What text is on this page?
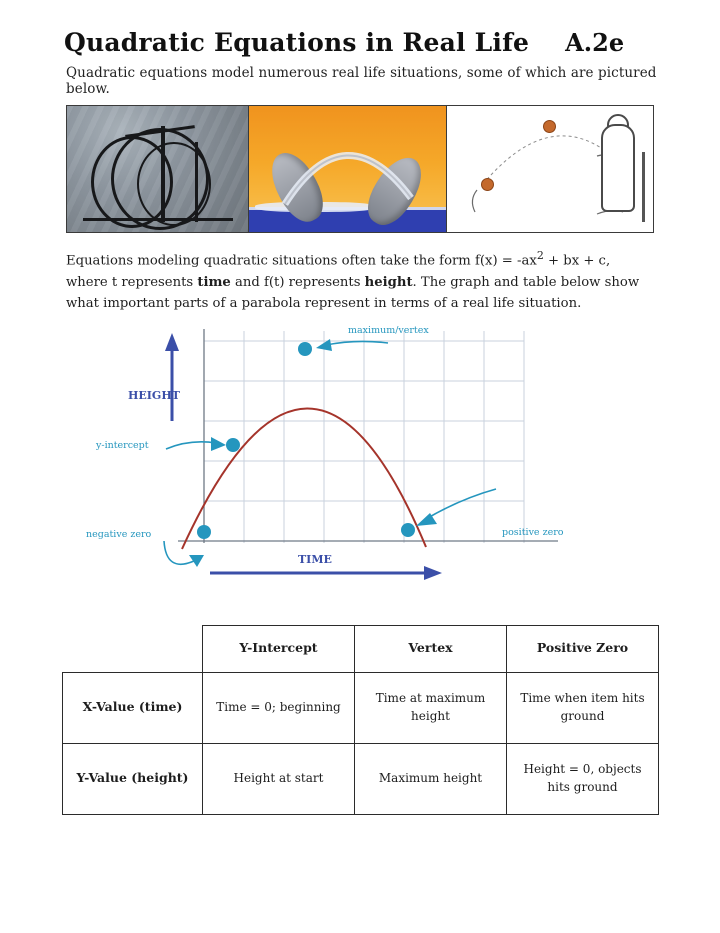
Quadratic Equations in Real Life A.2e
Quadratic equations model numerous real life situations, some of which are pictured below.
Equations modeling quadratic situations often take the form $f(x) = -ax^2$ + bx + c, where t represents time and f(t) represents height. The graph and table below show what important parts of a parabola represent in terms of a real life situation.
maximum/vertex
y-intercept
negative zero	positive zero
HEIGHT
TIME
	Y-Intercept	Vertex	Positive Zero
X-Value (time)	Time = 0; beginning	Time at maximum height	Time when item hits ground
Y-Value (height)	Height at start	Maximum height	Height = 0, objects hits ground
